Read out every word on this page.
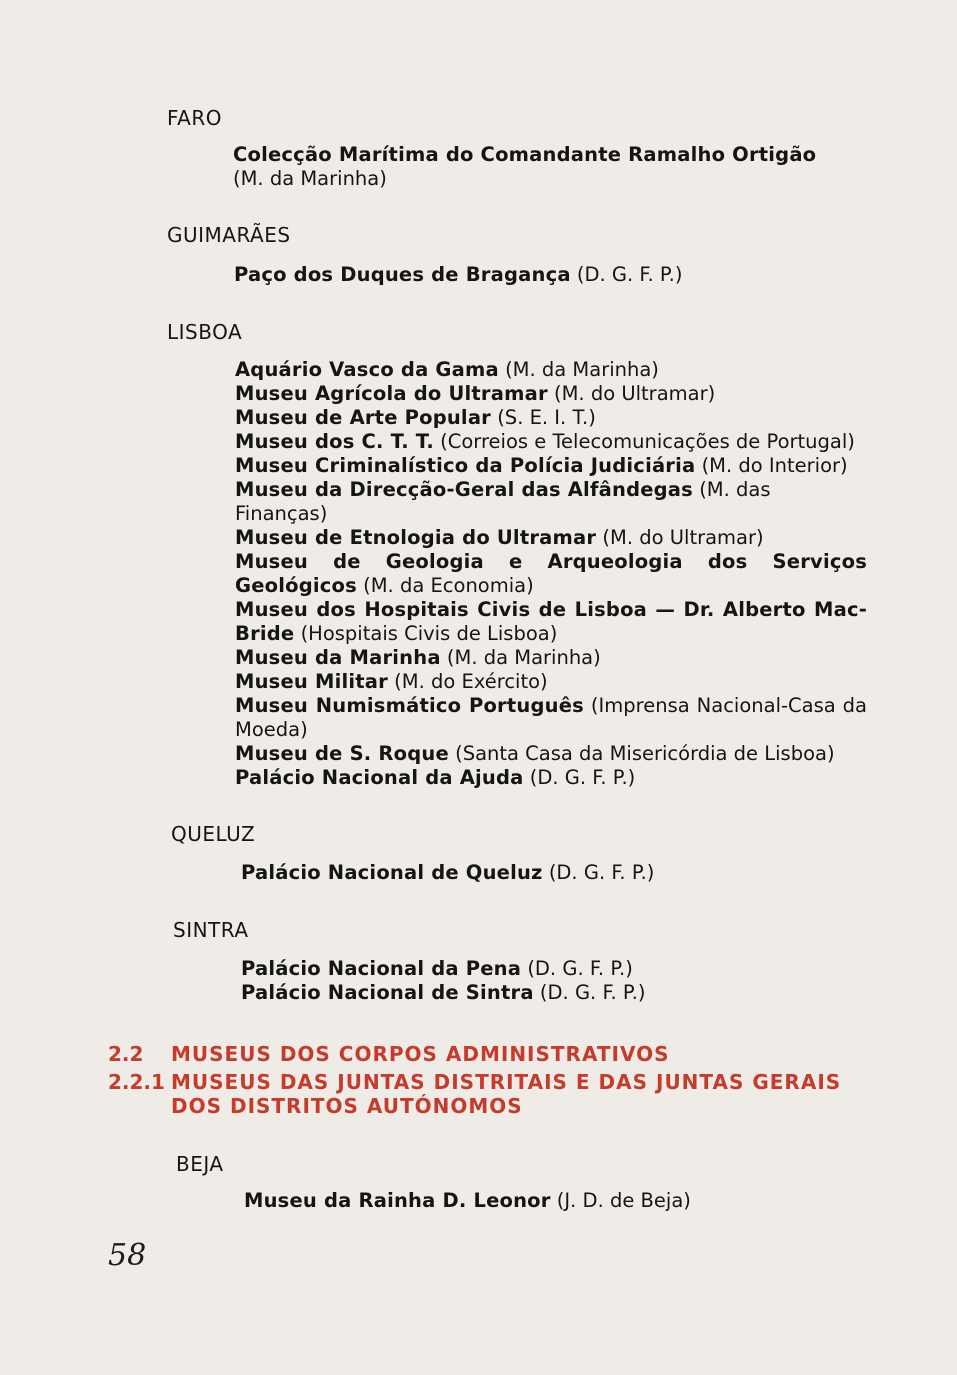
FARO

Colecção Marítima do Comandante Ramalho Ortigão
(M. da Marinha)

GUIMARÃES

Paço dos Duques de Bragança (D. G. F. P.)

LISBOA

Aquário Vasco da Gama (M. da Marinha)

Museu Agrícola do Ultramar (M. do Ultramar)

Museu de Arte Popular (S. E. I. T.)

Museu dos C. T. T. (Correios e Telecomunicações de Portugal)

Museu Criminalístico da Polícia Judiciária (M. do Interior)

Museu da Direcção-Geral das Alfândegas (M. das Finanças)

Museu de Etnologia do Ultramar (M. do Ultramar)

Museu de Geologia e Arqueologia dos Serviços Geológicos (M. da Economia)

Museu dos Hospitais Civis de Lisboa — Dr. Alberto Mac-Bride (Hospitais Civis de Lisboa)

Museu da Marinha (M. da Marinha)

Museu Militar (M. do Exército)

Museu Numismático Português (Imprensa Nacional-Casa da Moeda)

Museu de S. Roque (Santa Casa da Misericórdia de Lisboa)

Palácio Nacional da Ajuda (D. G. F. P.)

QUELUZ

Palácio Nacional de Queluz (D. G. F. P.)

SINTRA

Palácio Nacional da Pena (D. G. F. P.)

Palácio Nacional de Sintra (D. G. F. P.)

2.2 MUSEUS DOS CORPOS ADMINISTRATIVOS
2.2.1 MUSEUS DAS JUNTAS DISTRITAIS E DAS JUNTAS GERAIS DOS DISTRITOS AUTÓNOMOS
BEJA

Museu da Rainha D. Leonor (J. D. de Beja)

58
